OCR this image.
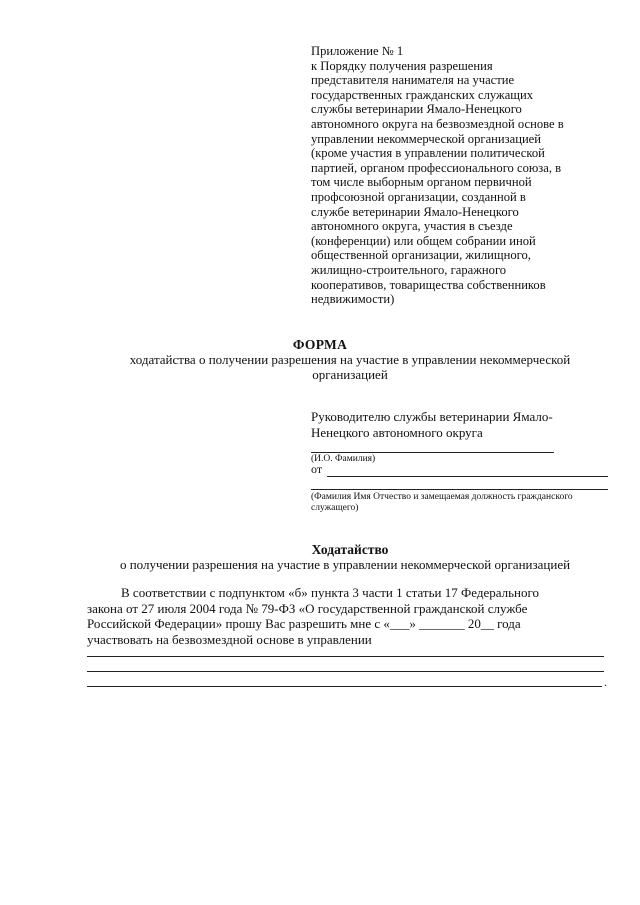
Приложение № 1
к Порядку получения разрешения
представителя нанимателя на участие
государственных гражданских служащих
службы ветеринарии Ямало-Ненецкого
автономного округа на безвозмездной основе в
управлении некоммерческой организацией
(кроме участия в управлении политической
партией, органом профессионального союза, в
том числе выборным органом первичной
профсоюзной организации, созданной в
службе ветеринарии Ямало-Ненецкого
автономного округа, участия в съезде
(конференции) или общем собрании иной
общественной организации, жилищного,
жилищно-строительного, гаражного
кооперативов, товарищества собственников
недвижимости)
ФОРМА
ходатайства о получении разрешения на участие в управлении некоммерческой
организацией
Руководителю службы ветеринарии Ямало-
Ненецкого автономного округа
(И.О. Фамилия)
от
(Фамилия Имя Отчество и замещаемая должность гражданского
служащего)
Ходатайство
о получении разрешения на участие в управлении некоммерческой организацией
В соответствии с подпунктом «б» пункта 3 части 1 статьи 17 Федерального
закона от 27 июля 2004 года № 79-ФЗ «О государственной гражданской службе
Российской Федерации» прошу Вас разрешить мне с «___» _______ 20__ года
участвовать на безвозмездной основе в управлении
.
